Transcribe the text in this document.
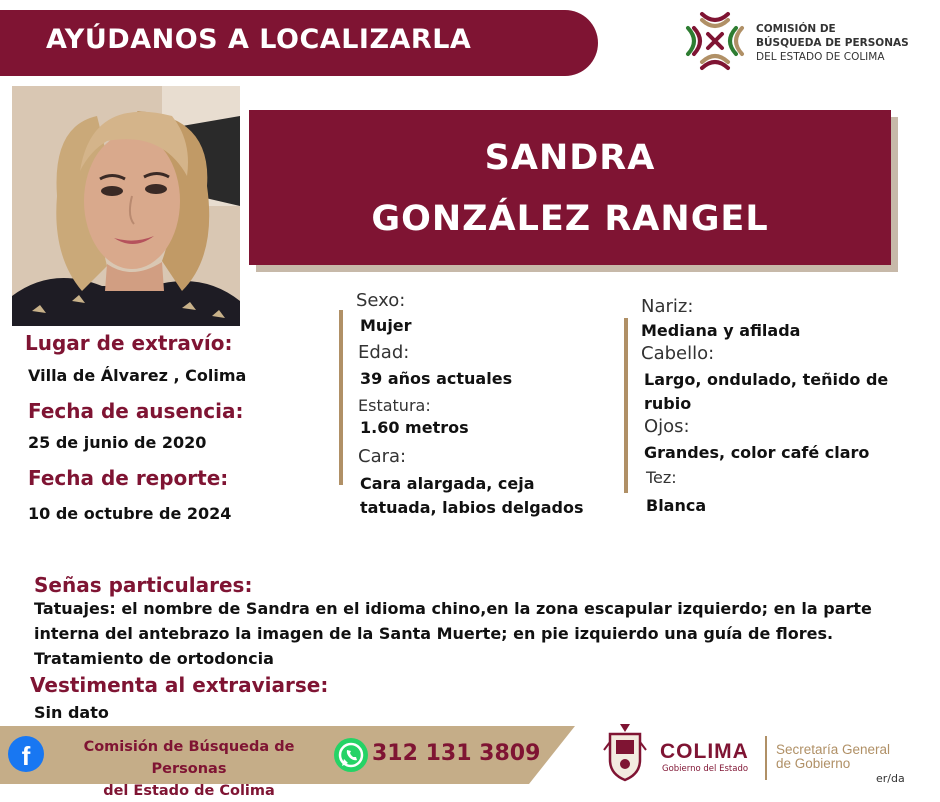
AYÚDANOS A LOCALIZARLA	COMISIÓN DE
BÚSQUEDA DE PERSONAS
DEL ESTADO DE COLIMA
SANDRA
GONZÁLEZ RANGEL
Lugar de extravío:
Villa de Álvarez , Colima
Fecha de ausencia:
25 de junio de 2020
Fecha de reporte:
10 de octubre de 2024
Sexo:
Mujer
Edad:
39 años actuales
Estatura:
1.60 metros
Cara:
Cara alargada, ceja tatuada, labios delgados
Nariz:
Mediana y afilada
Cabello:
Largo, ondulado, teñido de rubio
Ojos:
Grandes, color café claro
Tez:
Blanca
Señas particulares:
Tatuajes: el nombre de Sandra en el idioma chino,en la zona escapular izquierdo; en la parte interna del antebrazo la imagen de la Santa Muerte; en pie izquierdo una guía de flores. Tratamiento de ortodoncia
Vestimenta al extraviarse:
Sin dato
f	Comisión de Búsqueda de Personas
del Estado de Colima
312 131 3809	COLIMA
Gobierno del Estado
Secretaría General
de Gobierno
er/da
